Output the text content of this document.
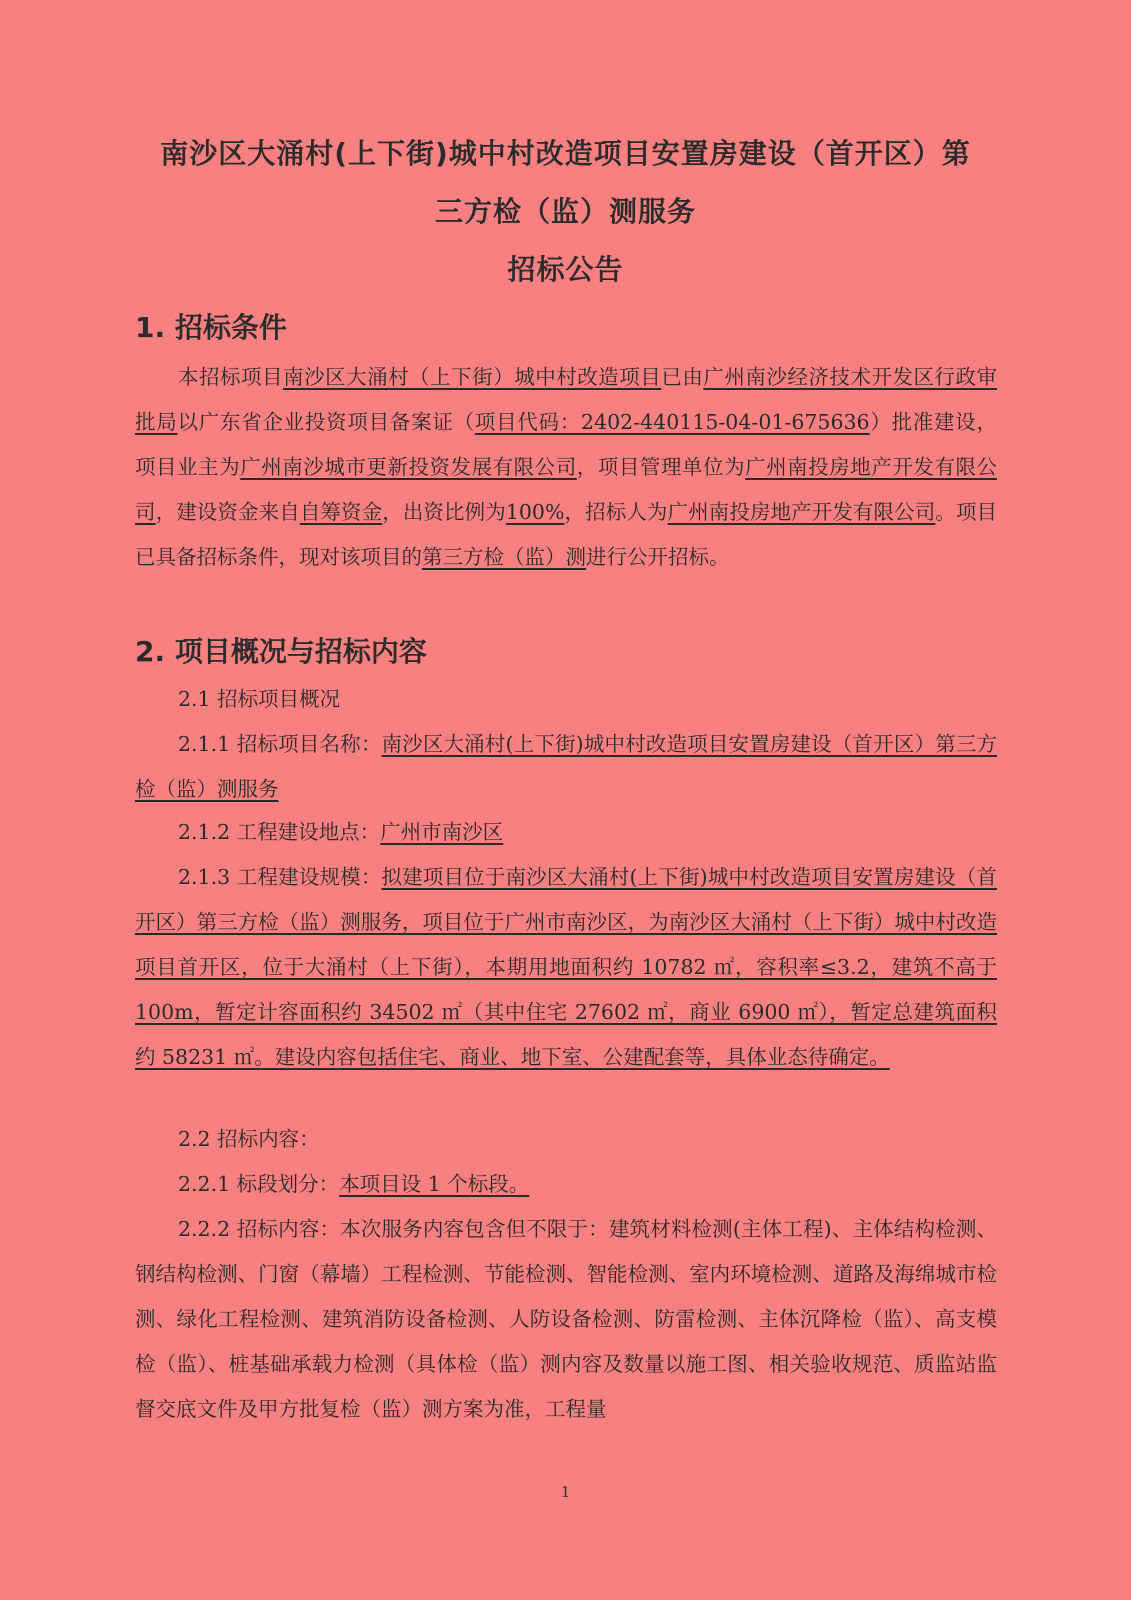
南沙区大涌村(上下街)城中村改造项目安置房建设（首开区）第
三方检（监）测服务
招标公告
1. 招标条件
本招标项目南沙区大涌村（上下街）城中村改造项目已由广州南沙经济技术开发区行政审批局以广东省企业投资项目备案证（项目代码：2402-440115-04-01-675636）批准建设，项目业主为广州南沙城市更新投资发展有限公司，项目管理单位为广州南投房地产开发有限公司，建设资金来自自筹资金，出资比例为100%，招标人为广州南投房地产开发有限公司。项目已具备招标条件，现对该项目的第三方检（监）测进行公开招标。
2. 项目概况与招标内容
2.1 招标项目概况
2.1.1 招标项目名称：南沙区大涌村(上下街)城中村改造项目安置房建设（首开区）第三方检（监）测服务
2.1.2 工程建设地点：广州市南沙区
2.1.3 工程建设规模：拟建项目位于南沙区大涌村(上下街)城中村改造项目安置房建设（首开区）第三方检（监）测服务，项目位于广州市南沙区，为南沙区大涌村（上下街）城中村改造项目首开区，位于大涌村（上下街），本期用地面积约 10782 ㎡，容积率≤3.2，建筑不高于 100m，暂定计容面积约 34502 ㎡（其中住宅 27602 ㎡，商业 6900 ㎡），暂定总建筑面积约 58231 ㎡。建设内容包括住宅、商业、地下室、公建配套等，具体业态待确定。
2.2 招标内容：
2.2.1 标段划分：本项目设 1 个标段。
2.2.2 招标内容：本次服务内容包含但不限于：建筑材料检测(主体工程)、主体结构检测、钢结构检测、门窗（幕墙）工程检测、节能检测、智能检测、室内环境检测、道路及海绵城市检测、绿化工程检测、建筑消防设备检测、人防设备检测、防雷检测、主体沉降检（监）、高支模检（监）、桩基础承载力检测（具体检（监）测内容及数量以施工图、相关验收规范、质监站监督交底文件及甲方批复检（监）测方案为准，工程量
1
